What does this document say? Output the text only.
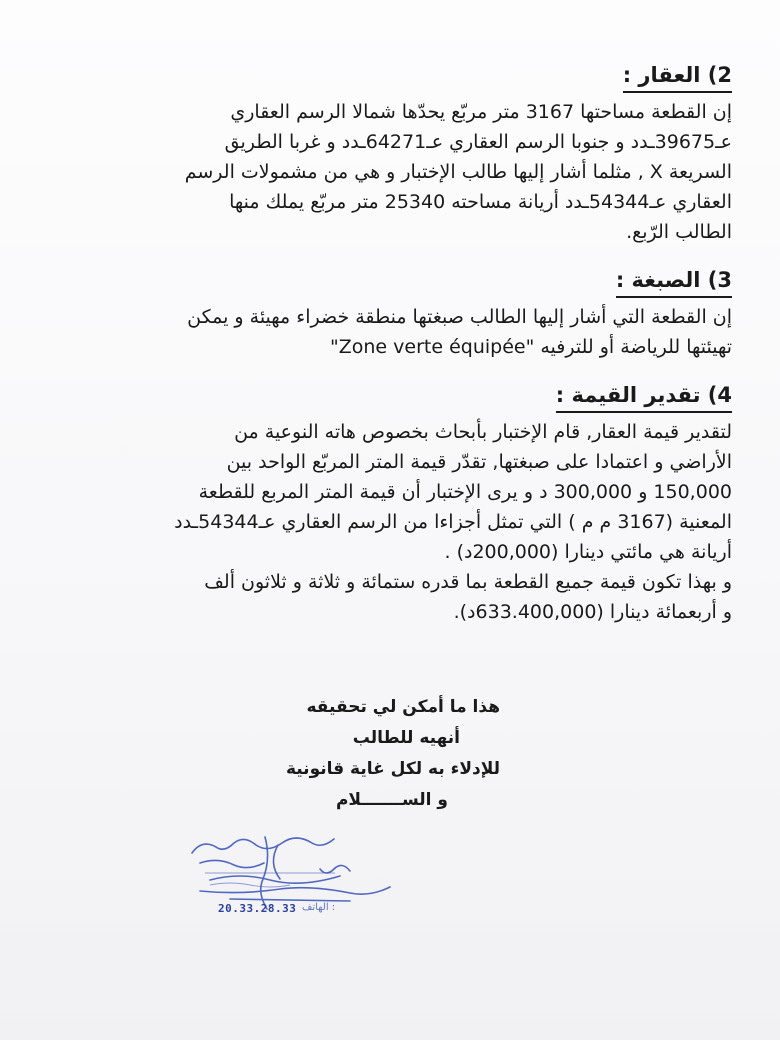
2) العقار :
إن القطعة مساحتها 3167 متر مربّع يحدّها شمالا الرسم العقاري
عـ39675ـدد و جنوبا الرسم العقاري عـ64271ـدد و غربا الطريق
السريعة X , مثلما أشار إليها طالب الإختبار و هي من مشمولات الرسم
العقاري عـ54344ـدد أريانة مساحته 25340 متر مربّع يملك منها
الطالب الرّبع.
3) الصبغة :
إن القطعة التي أشار إليها الطالب صبغتها منطقة خضراء مهيئة و يمكن
تهيئتها للرياضة أو للترفيه "Zone verte équipée"
4) تقدير القيمة :
لتقدير قيمة العقار, قام الإختبار بأبحاث بخصوص هاته النوعية من
الأراضي و اعتمادا على صبغتها, تقدّر قيمة المتر المربّع الواحد بين
150,000 و 300,000 د و يرى الإختبار أن قيمة المتر المربع للقطعة
المعنية (3167 م م ) التي تمثل أجزاءا من الرسم العقاري عـ54344ـدد
أريانة هي مائتي دينارا (200,000د) .
و بهذا تكون قيمة جميع القطعة بما قدره ستمائة و ثلاثة و ثلاثون ألف
و أربعمائة دينارا (633.400,000د).
هذا ما أمكن لي تحقيقه
أنهيه للطالب
للإدلاء به لكل غاية قانونية
و الســـــــلام
20.33.28.33 الهاتف :
